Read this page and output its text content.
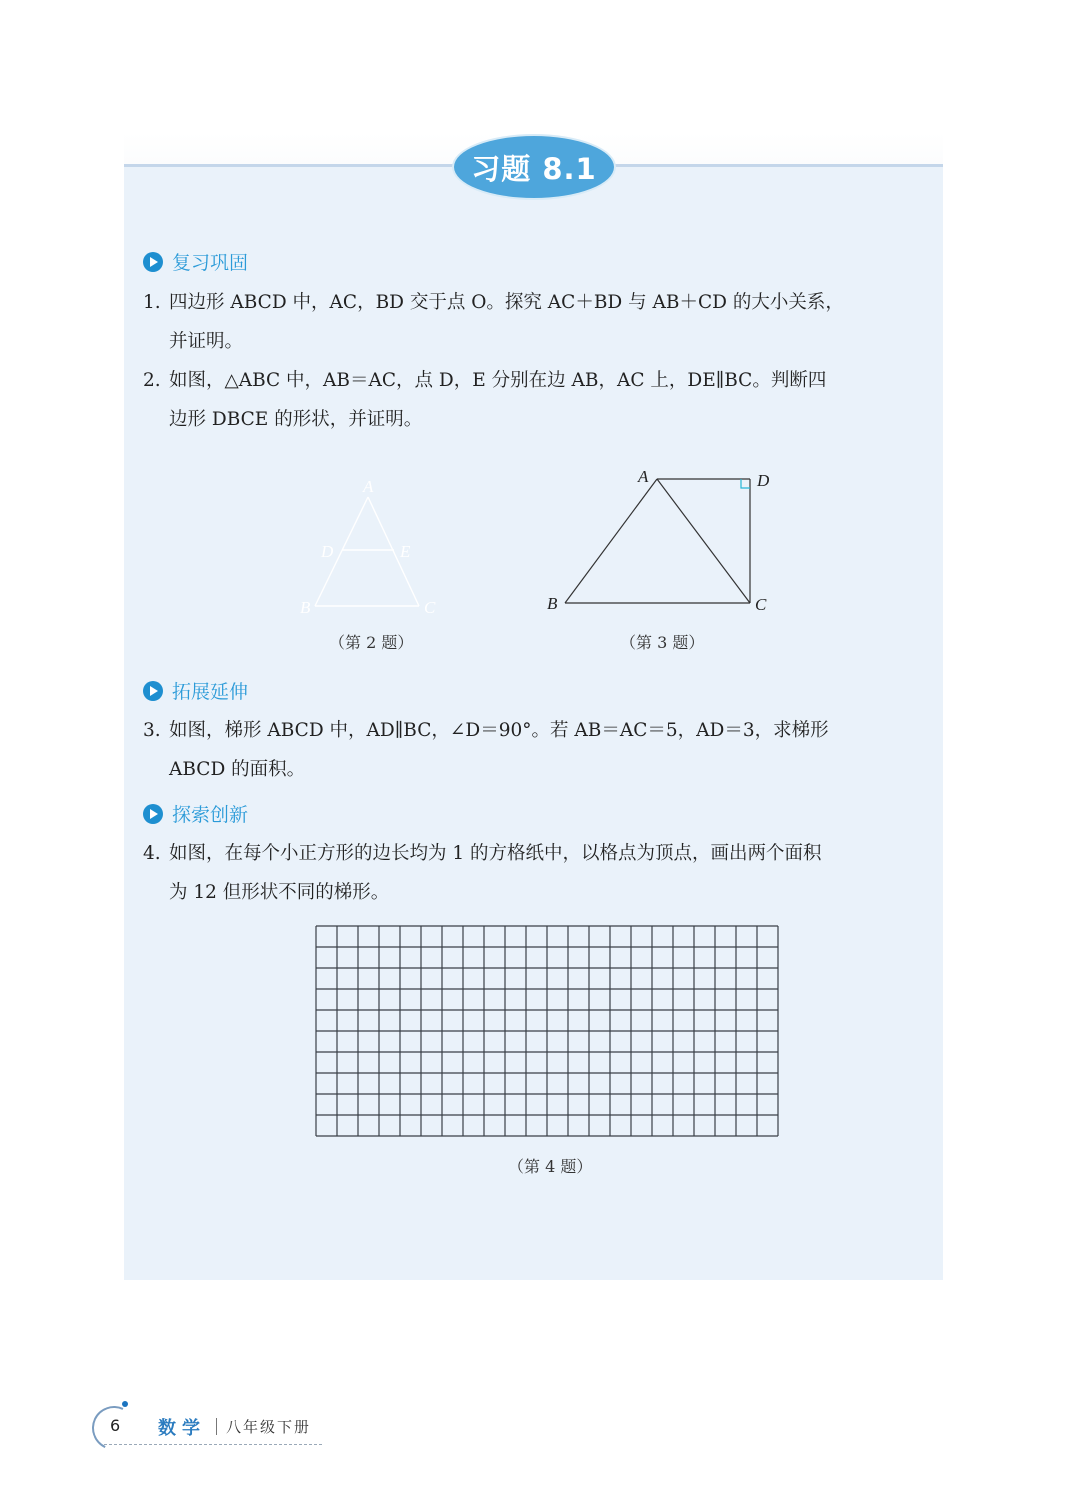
习题 8.1
复习巩固
1. 四边形 ABCD 中，AC，BD 交于点 O。探究 AC＋BD 与 AB＋CD 的大小关系，
并证明。
2. 如图，△ABC 中，AB＝AC，点 D，E 分别在边 AB，AC 上，DE∥BC。判断四
边形 DBCE 的形状，并证明。
A
D	E
B	C
（第 2 题）
A	D
B	C
（第 3 题）
拓展延伸
3. 如图，梯形 ABCD 中，AD∥BC，∠D＝90°。若 AB＝AC＝5，AD＝3，求梯形
ABCD 的面积。
探索创新
4. 如图，在每个小正方形的边长均为 1 的方格纸中，以格点为顶点，画出两个面积
为 12 但形状不同的梯形。
（第 4 题）
6 数学 八年级下册
